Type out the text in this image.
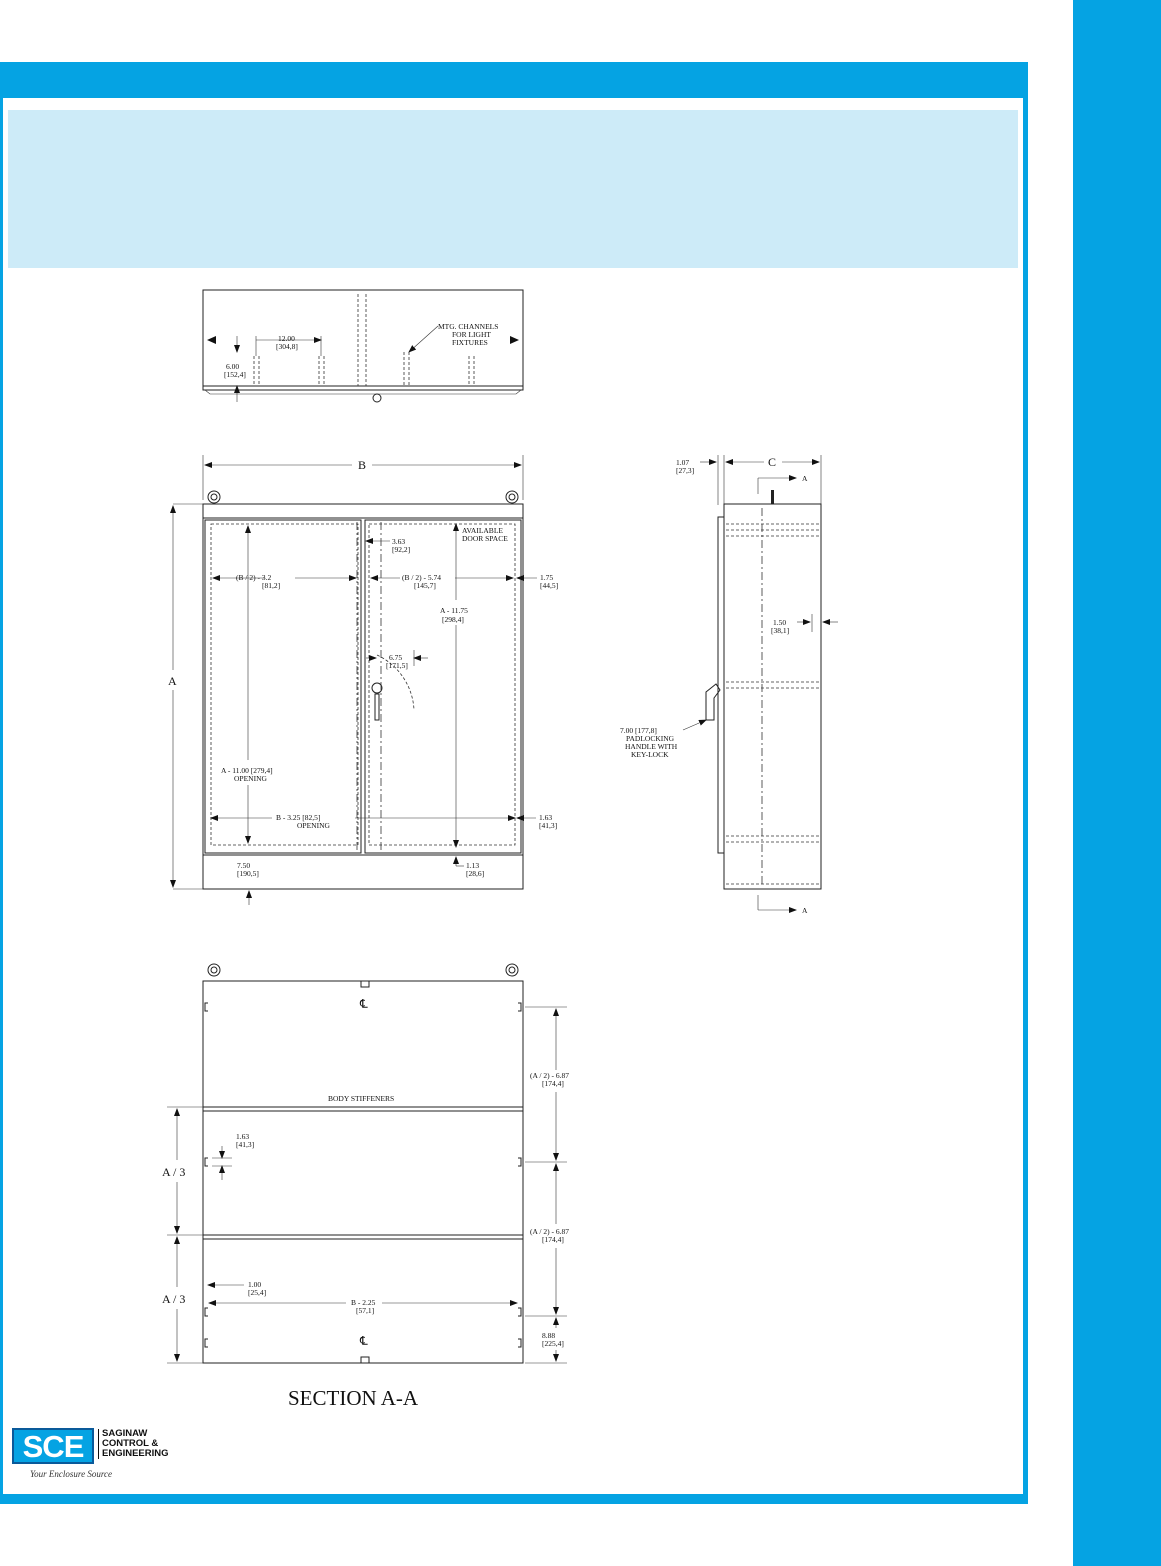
12.00
[304,8]
6.00
[152,4]
MTG. CHANNELS
FOR LIGHT
FIXTURES
B
A
AVAILABLE
DOOR SPACE
3.63
[92,2]
(B / 2) - 3.2
[81,2]
(B / 2) - 5.74
[145,7]
1.75
[44,5]
A - 11.75
[298,4]
6.75
[171,5]
A - 11.00 [279,4]
OPENING
B - 3.25 [82,5]
OPENING
1.63
[41,3]
7.50
[190,5]
1.13
[28,6]
C
1.07
[27,3]
A
7.00 [177,8]
PADLOCKING
HANDLE WITH
KEY-LOCK
1.50
[38,1]
A
℄
℄
BODY STIFFENERS
1.63
[41,3]
A / 3
A / 3
(A / 2) - 6.87
[174,4]
(A / 2) - 6.87
[174,4]
8.88
[225,4]
1.00
[25,4]
B - 2.25
[57,1]
SECTION A-A
SCE	SAGINAW
CONTROL &
ENGINEERING
Your Enclosure Source
